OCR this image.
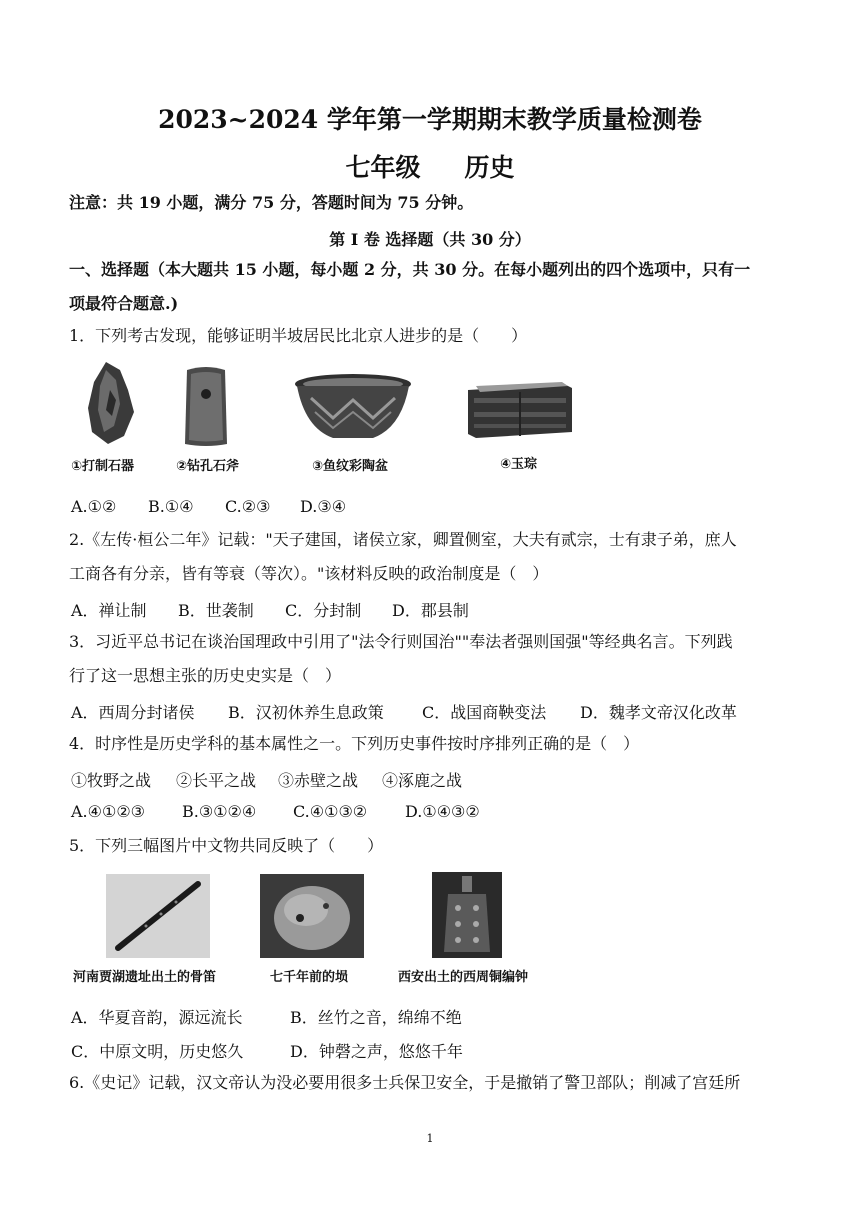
2023~2024 学年第一学期期末教学质量检测卷
七年级 历史
注意：共 19 小题，满分 75 分，答题时间为 75 分钟。
第 I 卷 选择题（共 30 分）
一、选择题（本大题共 15 小题，每小题 2 分，共 30 分。在每小题列出的四个选项中，只有一
项最符合题意.)
1．下列考古发现，能够证明半坡居民比北京人进步的是（　　）
①打制石器	②钻孔石斧	③鱼纹彩陶盆	④玉琮
A.①② B.①④ C.②③ D.③④
2.《左传·桓公二年》记载："天子建国，诸侯立家，卿置侧室，大夫有贰宗，士有隶子弟，庶人
工商各有分亲，皆有等衰（等次）。"该材料反映的政治制度是（　）
A．禅让制 B．世袭制 C．分封制 D．郡县制
3．习近平总书记在谈治国理政中引用了"法令行则国治""奉法者强则国强"等经典名言。下列践
行了这一思想主张的历史史实是（　）
A．西周分封诸侯 B．汉初休养生息政策 C．战国商鞅变法 D．魏孝文帝汉化改革
4．时序性是历史学科的基本属性之一。下列历史事件按时序排列正确的是（　）
①牧野之战 ②长平之战 ③赤壁之战 ④涿鹿之战
A.④①②③ B.③①②④ C.④①③② D.①④③②
5．下列三幅图片中文物共同反映了（　　）
河南贾湖遗址出土的骨笛	七千年前的埙	西安出土的西周铜编钟
A．华夏音韵，源远流长	B．丝竹之音，绵绵不绝
C．中原文明，历史悠久	D．钟磬之声，悠悠千年
6.《史记》记载，汉文帝认为没必要用很多士兵保卫安全，于是撤销了警卫部队；削减了宫廷所
1
